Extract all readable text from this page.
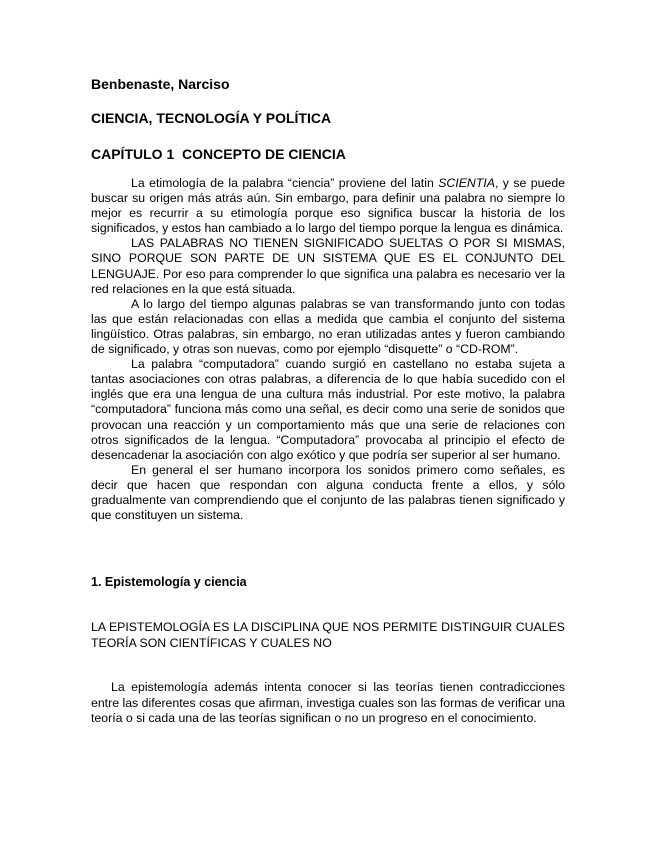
Benbenaste, Narciso
CIENCIA, TECNOLOGÍA Y POLÍTICA
CAPÍTULO 1  CONCEPTO DE CIENCIA

La etimología de la palabra “ciencia” proviene del latin SCIENTIA, y se puede buscar su origen más atrás aún. Sin embargo, para definir una palabra no siempre lo mejor es recurrir a su etimología porque eso significa buscar la historia de los significados, y estos han cambiado a lo largo del tiempo porque la lengua es dinámica.

LAS PALABRAS NO TIENEN SIGNIFICADO SUELTAS O POR SI MISMAS, SINO PORQUE SON PARTE DE UN SISTEMA QUE ES EL CONJUNTO DEL LENGUAJE. Por eso para comprender lo que significa una palabra es necesario ver la red relaciones en la que está situada.

A lo largo del tiempo algunas palabras se van transformando junto con todas las que están relacionadas con ellas a medida que cambia el conjunto del sistema lingüístico. Otras palabras, sin embargo, no eran utilizadas antes y fueron cambiando de significado, y otras son nuevas, como por ejemplo “disquette” o “CD-ROM”.

La palabra “computadora” cuando surgió en castellano no estaba sujeta a tantas asociaciones con otras palabras, a diferencia de lo que había sucedido con el inglés que era una lengua de una cultura más industrial. Por este motivo, la palabra “computadora” funciona más como una señal, es decir como una serie de sonidos que provocan una reacción y un comportamiento más que una serie de relaciones con otros significados de la lengua. “Computadora” provocaba al principio el efecto de desencadenar la asociación con algo exótico y que podría ser superior al ser humano.

En general el ser humano incorpora los sonidos primero como señales, es decir que hacen que respondan con alguna conducta frente a ellos, y sólo gradualmente van comprendiendo que el conjunto de las palabras tienen significado y que constituyen un sistema.

1. Epistemología y ciencia

LA EPISTEMOLOGÍA ES LA DISCIPLINA QUE NOS PERMITE DISTINGUIR CUALES TEORÍA SON CIENTÍFICAS Y CUALES NO

La epistemología además intenta conocer si las teorías tienen contradicciones entre las diferentes cosas que afirman, investiga cuales son las formas de verificar una teoría o si cada una de las teorías significan o no un progreso en el conocimiento.
